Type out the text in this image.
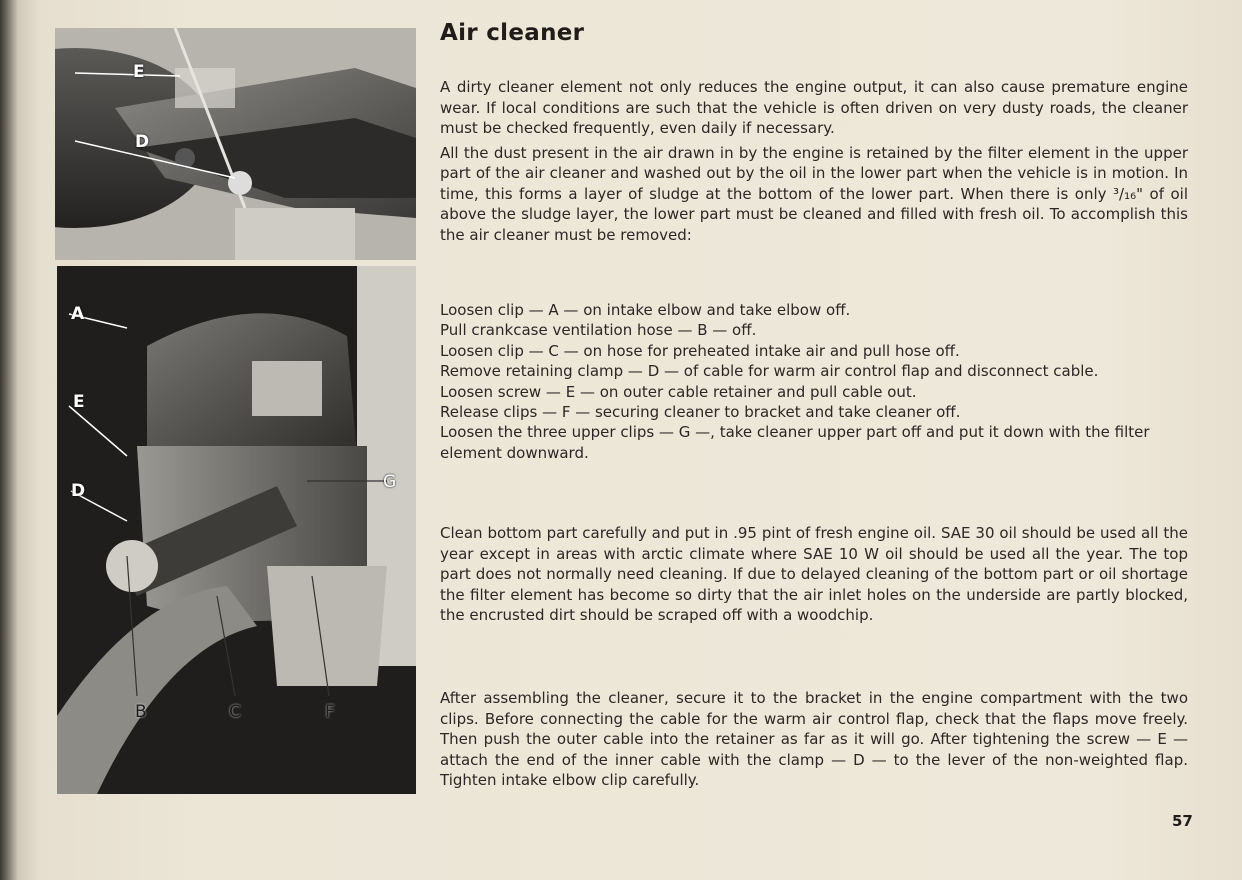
E
D
A
E
D	G
B	C	F
Air cleaner

A dirty cleaner element not only reduces the engine output, it can also cause premature engine wear. If local conditions are such that the vehicle is often driven on very dusty roads, the cleaner must be checked frequently, even daily if necessary.

All the dust present in the air drawn in by the engine is retained by the filter element in the upper part of the air cleaner and washed out by the oil in the lower part when the vehicle is in motion. In time, this forms a layer of sludge at the bottom of the lower part. When there is only ³/₁₆" of oil above the sludge layer, the lower part must be cleaned and filled with fresh oil. To accomplish this the air cleaner must be removed:

Loosen clip — A — on intake elbow and take elbow off.
Pull crankcase ventilation hose — B — off.
Loosen clip — C — on hose for preheated intake air and pull hose off.
Remove retaining clamp — D — of cable for warm air control flap and disconnect cable.
Loosen screw — E — on outer cable retainer and pull cable out.
Release clips — F — securing cleaner to bracket and take cleaner off.
Loosen the three upper clips — G —, take cleaner upper part off and put it down with the filter element downward.

Clean bottom part carefully and put in .95 pint of fresh engine oil. SAE 30 oil should be used all the year except in areas with arctic climate where SAE 10 W oil should be used all the year. The top part does not normally need cleaning. If due to delayed cleaning of the bottom part or oil shortage the filter element has become so dirty that the air inlet holes on the underside are partly blocked, the encrusted dirt should be scraped off with a woodchip.

After assembling the cleaner, secure it to the bracket in the engine compartment with the two clips. Before connecting the cable for the warm air control flap, check that the flaps move freely. Then push the outer cable into the retainer as far as it will go. After tightening the screw — E — attach the end of the inner cable with the clamp — D — to the lever of the non-weighted flap. Tighten intake elbow clip carefully.

57
